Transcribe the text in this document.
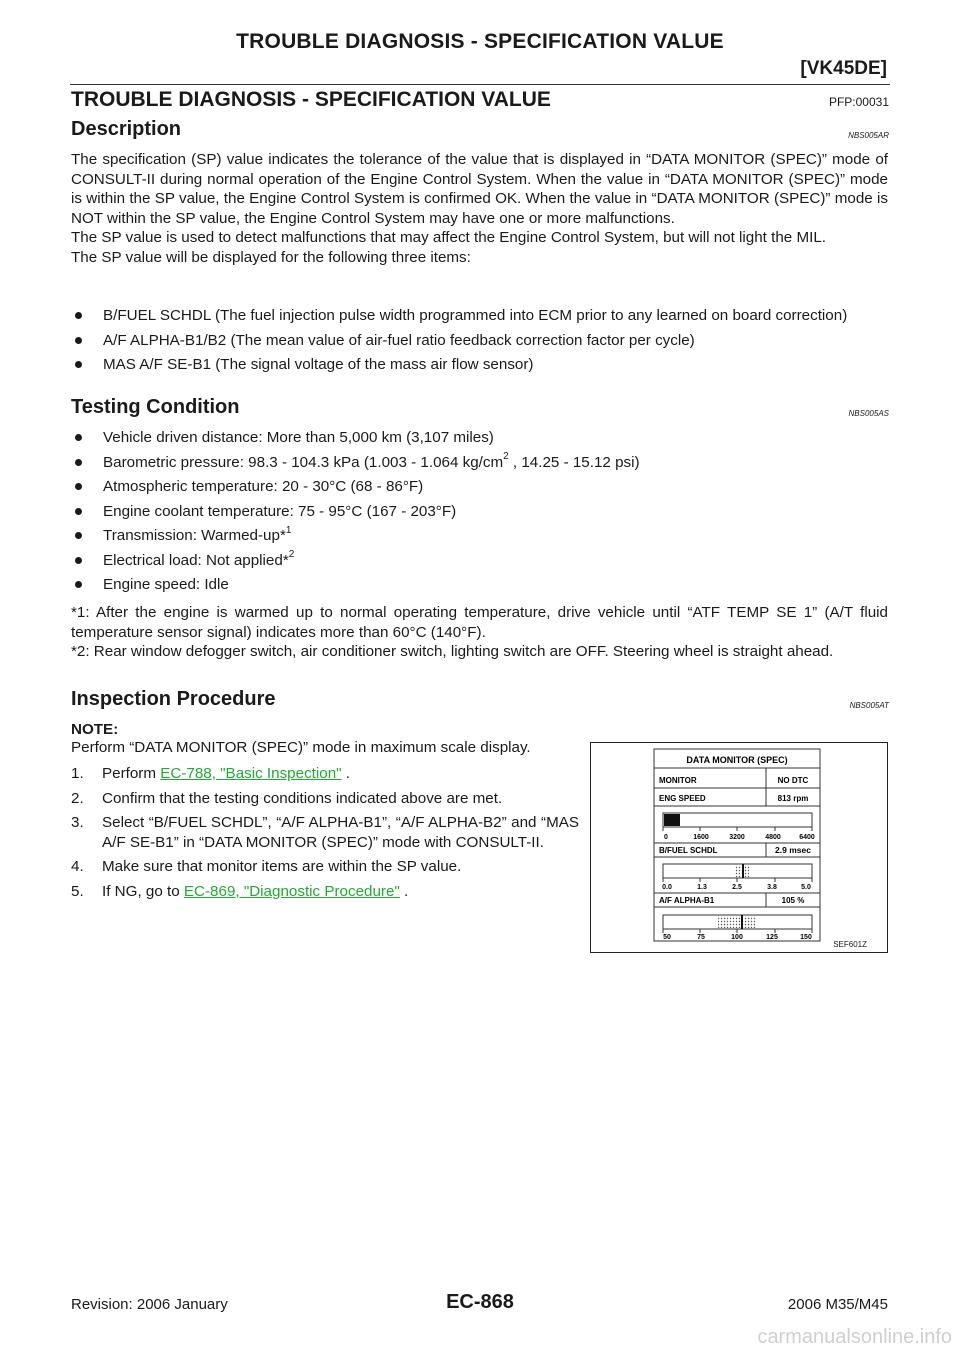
TROUBLE DIAGNOSIS - SPECIFICATION VALUE
[VK45DE]
TROUBLE DIAGNOSIS - SPECIFICATION VALUE	PFP:00031
Description	NBS005AR
The specification (SP) value indicates the tolerance of the value that is displayed in “DATA MONITOR (SPEC)” mode of CONSULT-II during normal operation of the Engine Control System. When the value in “DATA MONITOR (SPEC)” mode is within the SP value, the Engine Control System is confirmed OK. When the value in “DATA MONITOR (SPEC)” mode is NOT within the SP value, the Engine Control System may have one or more malfunctions.
The SP value is used to detect malfunctions that may affect the Engine Control System, but will not light the MIL.
The SP value will be displayed for the following three items:
B/FUEL SCHDL (The fuel injection pulse width programmed into ECM prior to any learned on board correction)
A/F ALPHA-B1/B2 (The mean value of air-fuel ratio feedback correction factor per cycle)
MAS A/F SE-B1 (The signal voltage of the mass air flow sensor)
Testing Condition	NBS005AS
Vehicle driven distance: More than 5,000 km (3,107 miles)
Barometric pressure: 98.3 - 104.3 kPa (1.003 - 1.064 $kg/cm^2$ , 14.25 - 15.12 psi)
Atmospheric temperature: 20 - 30°C (68 - 86°F)
Engine coolant temperature: 75 - 95°C (167 - 203°F)
Transmission: Warmed-up*$^1$
Electrical load: Not applied*$^2$
Engine speed: Idle
*1: After the engine is warmed up to normal operating temperature, drive vehicle until “ATF TEMP SE 1” (A/T fluid temperature sensor signal) indicates more than 60°C (140°F).
*2: Rear window defogger switch, air conditioner switch, lighting switch are OFF. Steering wheel is straight ahead.
Inspection Procedure	NBS005AT
NOTE:
Perform “DATA MONITOR (SPEC)” mode in maximum scale display.
1. Perform EC-788, "Basic Inspection" .
2. Confirm that the testing conditions indicated above are met.
3. Select “B/FUEL SCHDL”, “A/F ALPHA-B1”, “A/F ALPHA-B2” and “MAS A/F SE-B1” in “DATA MONITOR (SPEC)” mode with CONSULT-II.
4. Make sure that monitor items are within the SP value.
5. If NG, go to EC-869, "Diagnostic Procedure" .
DATA MONITOR (SPEC)
MONITOR	NO DTC
ENG SPEED	813 rpm
0	1600	3200	4800	6400
B/FUEL SCHDL	2.9 msec
0.0	1.3	2.5	3.8	5.0
A/F ALPHA-B1	105 %
50	75	100	125	150
SEF601Z
Revision: 2006 January	EC-868	2006 M35/M45
carmanualsonline.info
